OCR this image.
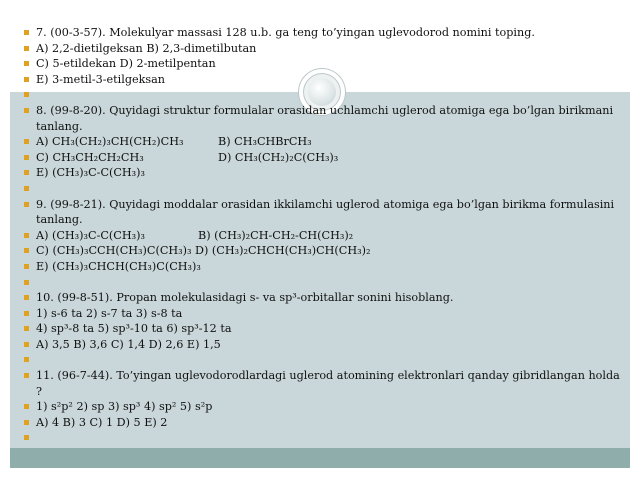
7. (00-3-57). Molekulyar massasi 128 u.b. ga teng to’yingan uglevodorod nomini toping.
A) 2,2-dietilgeksan B) 2,3-dimetilbutan
C) 5-etildekan D) 2-metilpentan
E) 3-metil-3-etilgeksan
8. (99-8-20). Quyidagi struktur formulalar orasidan uchlamchi uglerod atomiga ega bo’lgan birikmani tanlang.
A) CH₃(CH₂)₃CH(CH₂)CH₃	B) CH₃CHBrCH₃
C) CH₃CH₂CH₂CH₃	D) CH₃(CH₂)₂C(CH₃)₃
E) (CH₃)₃C-C(CH₃)₃
9. (99-8-21). Quyidagi moddalar orasidan ikkilamchi uglerod atomiga ega bo’lgan birikma formulasini tanlang.
A) (CH₃)₃C-C(CH₃)₃	B) (CH₃)₂CH-CH₂-CH(CH₃)₂
C) (CH₃)₃CCH(CH₃)C(CH₃)₃ D) (CH₃)₂CHCH(CH₃)CH(CH₃)₂
E) (CH₃)₃CHCH(CH₃)C(CH₃)₃
10. (99-8-51). Propan molekulasidagi s- va sp³-orbitallar sonini hisoblang.
1) s-6 ta 2) s-7 ta 3) s-8 ta
4) sp³-8 ta 5) sp³-10 ta 6) sp³-12 ta
A) 3,5 B) 3,6 C) 1,4 D) 2,6 E) 1,5
11. (96-7-44). To’yingan uglevodorodlardagi uglerod atomining elektronlari qanday gibridlangan holda ?
1) s²p² 2) sp 3) sp³ 4) sp² 5) s²p
A) 4 B) 3 C) 1 D) 5 E) 2
